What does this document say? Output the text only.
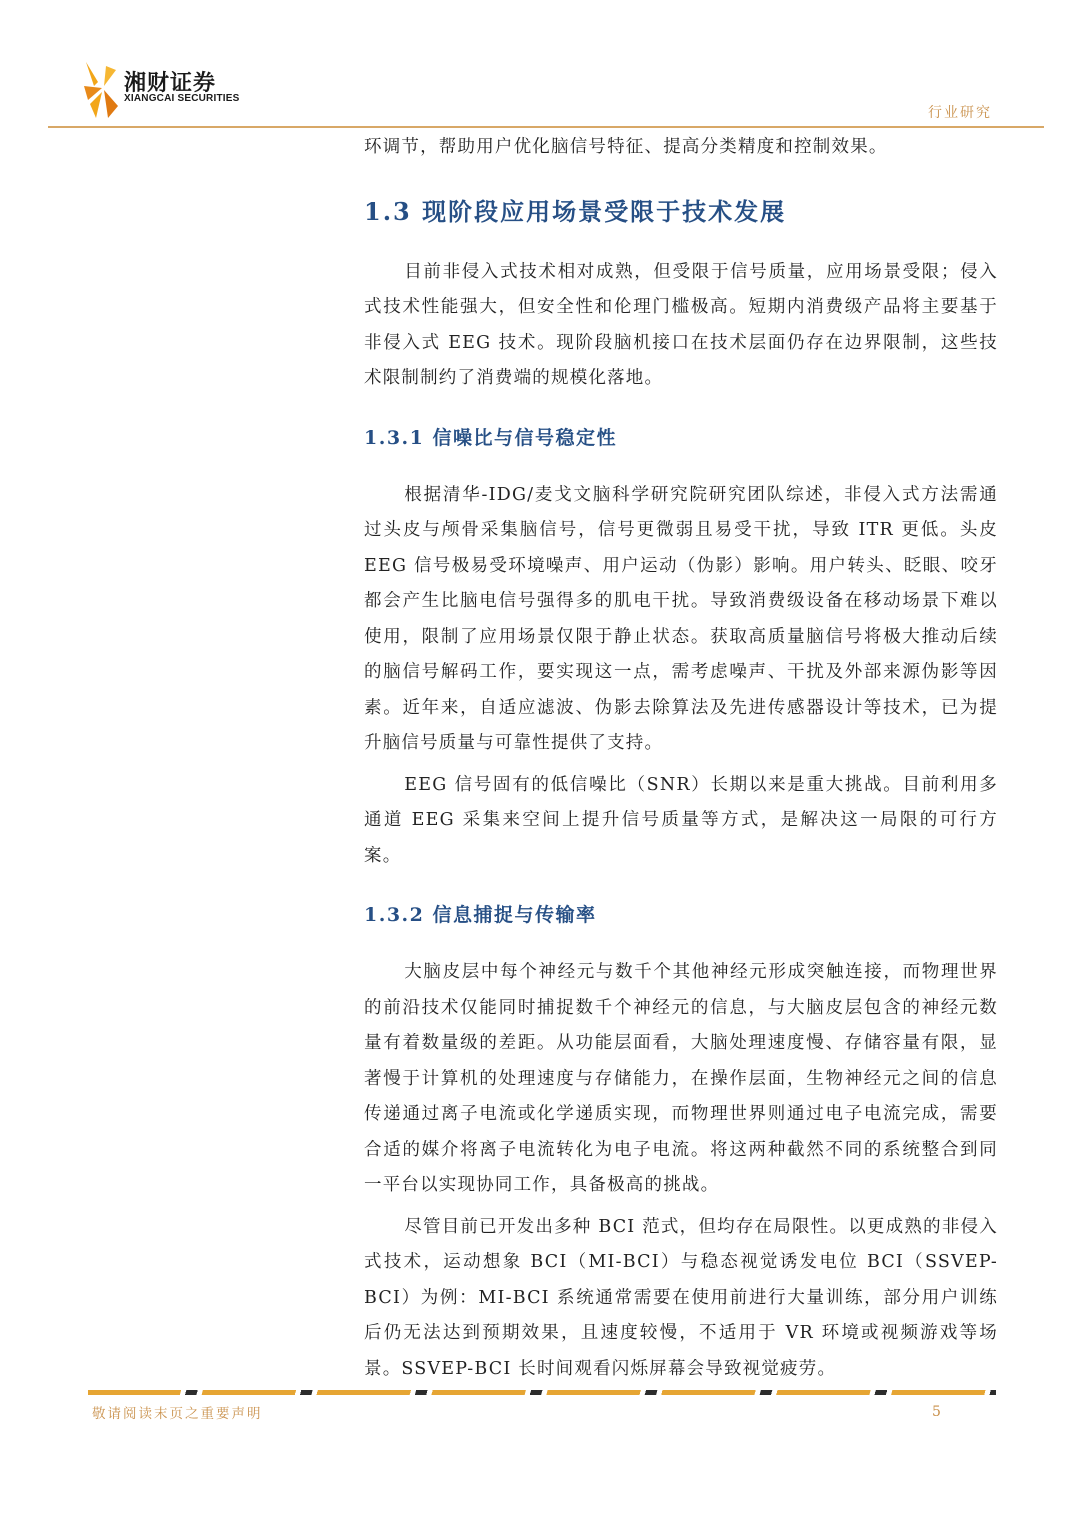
湘财证券
XIANGCAI SECURITIES
行业研究

环调节，帮助用户优化脑信号特征、提高分类精度和控制效果。

1.3 现阶段应用场景受限于技术发展

目前非侵入式技术相对成熟，但受限于信号质量，应用场景受限；侵入式技术性能强大，但安全性和伦理门槛极高。短期内消费级产品将主要基于非侵入式 EEG 技术。现阶段脑机接口在技术层面仍存在边界限制，这些技术限制制约了消费端的规模化落地。

1.3.1 信噪比与信号稳定性

根据清华-IDG/麦戈文脑科学研究院研究团队综述，非侵入式方法需通过头皮与颅骨采集脑信号，信号更微弱且易受干扰，导致 ITR 更低。头皮 EEG 信号极易受环境噪声、用户运动（伪影）影响。用户转头、眨眼、咬牙都会产生比脑电信号强得多的肌电干扰。导致消费级设备在移动场景下难以使用，限制了应用场景仅限于静止状态。获取高质量脑信号将极大推动后续的脑信号解码工作，要实现这一点，需考虑噪声、干扰及外部来源伪影等因素。近年来，自适应滤波、伪影去除算法及先进传感器设计等技术，已为提升脑信号质量与可靠性提供了支持。

EEG 信号固有的低信噪比（SNR）长期以来是重大挑战。目前利用多通道 EEG 采集来空间上提升信号质量等方式，是解决这一局限的可行方案。

1.3.2 信息捕捉与传输率

大脑皮层中每个神经元与数千个其他神经元形成突触连接，而物理世界的前沿技术仅能同时捕捉数千个神经元的信息，与大脑皮层包含的神经元数量有着数量级的差距。从功能层面看，大脑处理速度慢、存储容量有限，显著慢于计算机的处理速度与存储能力，在操作层面，生物神经元之间的信息传递通过离子电流或化学递质实现，而物理世界则通过电子电流完成，需要合适的媒介将离子电流转化为电子电流。将这两种截然不同的系统整合到同一平台以实现协同工作，具备极高的挑战。

尽管目前已开发出多种 BCI 范式，但均存在局限性。以更成熟的非侵入式技术，运动想象 BCI（MI-BCI）与稳态视觉诱发电位 BCI（SSVEP-BCI）为例：MI-BCI 系统通常需要在使用前进行大量训练，部分用户训练后仍无法达到预期效果，且速度较慢，不适用于 VR 环境或视频游戏等场景。SSVEP-BCI 长时间观看闪烁屏幕会导致视觉疲劳。

敬请阅读末页之重要声明	5
